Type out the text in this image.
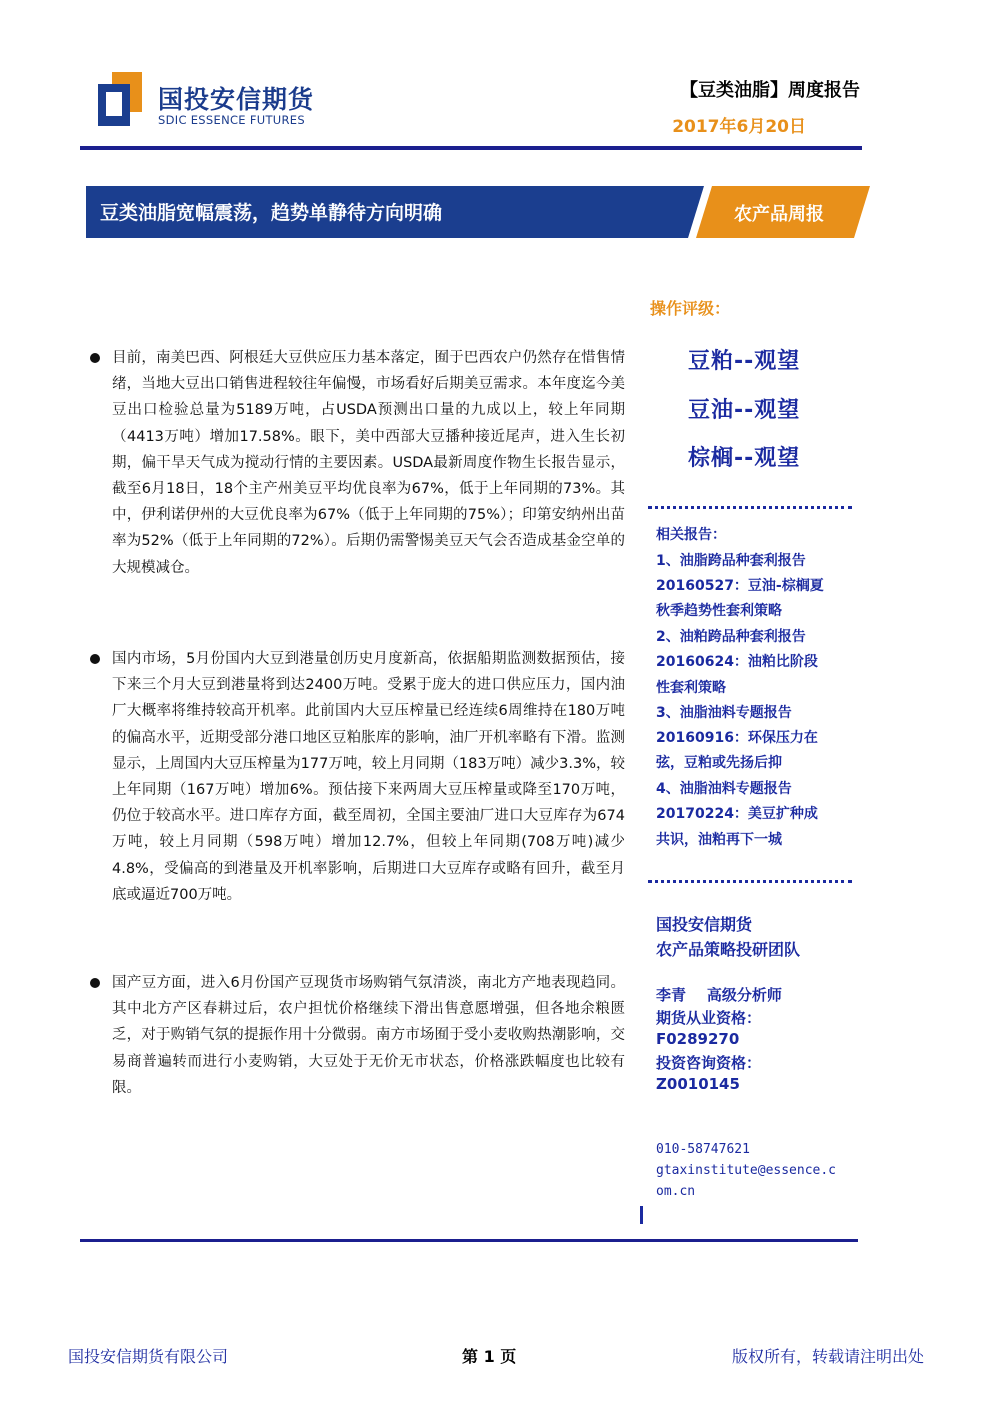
国投安信期货
SDIC ESSENCE FUTURES
【豆类油脂】周度报告
2017年6月20日
豆类油脂宽幅震荡，趋势单静待方向明确	农产品周报
目前，南美巴西、阿根廷大豆供应压力基本落定，囿于巴西农户仍然存在惜售情绪，当地大豆出口销售进程较往年偏慢，市场看好后期美豆需求。本年度迄今美豆出口检验总量为5189万吨，占USDA预测出口量的九成以上，较上年同期（4413万吨）增加17.58%。眼下，美中西部大豆播种接近尾声，进入生长初期，偏干旱天气成为搅动行情的主要因素。USDA最新周度作物生长报告显示，截至6月18日，18个主产州美豆平均优良率为67%，低于上年同期的73%。其中，伊利诺伊州的大豆优良率为67%（低于上年同期的75%）；印第安纳州出苗率为52%（低于上年同期的72%）。后期仍需警惕美豆天气会否造成基金空单的大规模减仓。
国内市场，5月份国内大豆到港量创历史月度新高，依据船期监测数据预估，接下来三个月大豆到港量将到达2400万吨。受累于庞大的进口供应压力，国内油厂大概率将维持较高开机率。此前国内大豆压榨量已经连续6周维持在180万吨的偏高水平，近期受部分港口地区豆粕胀库的影响，油厂开机率略有下滑。监测显示，上周国内大豆压榨量为177万吨，较上月同期（183万吨）减少3.3%，较上年同期（167万吨）增加6%。预估接下来两周大豆压榨量或降至170万吨，仍位于较高水平。进口库存方面，截至周初，全国主要油厂进口大豆库存为674万吨，较上月同期（598万吨）增加12.7%，但较上年同期(708万吨)减少4.8%，受偏高的到港量及开机率影响，后期进口大豆库存或略有回升，截至月底或逼近700万吨。
国产豆方面，进入6月份国产豆现货市场购销气氛清淡，南北方产地表现趋同。其中北方产区春耕过后，农户担忧价格继续下滑出售意愿增强，但各地余粮匮乏，对于购销气氛的提振作用十分微弱。南方市场囿于受小麦收购热潮影响，交易商普遍转而进行小麦购销，大豆处于无价无市状态，价格涨跌幅度也比较有限。
操作评级：
豆粕--观望
豆油--观望
棕榈--观望
相关报告：
1、油脂跨品种套利报告
20160527：豆油-棕榈夏
秋季趋势性套利策略
2、油粕跨品种套利报告
20160624：油粕比阶段
性套利策略
3、油脂油料专题报告
20160916：环保压力在
弦，豆粕或先扬后抑
4、油脂油料专题报告
20170224：美豆扩种成
共识，油粕再下一城
国投安信期货
农产品策略投研团队
李青    高级分析师
期货从业资格：
F0289270
投资咨询资格：
Z0010145
010-58747621
gtaxinstitute@essence.c
om.cn
国投安信期货有限公司	第 1 页	版权所有，转载请注明出处
